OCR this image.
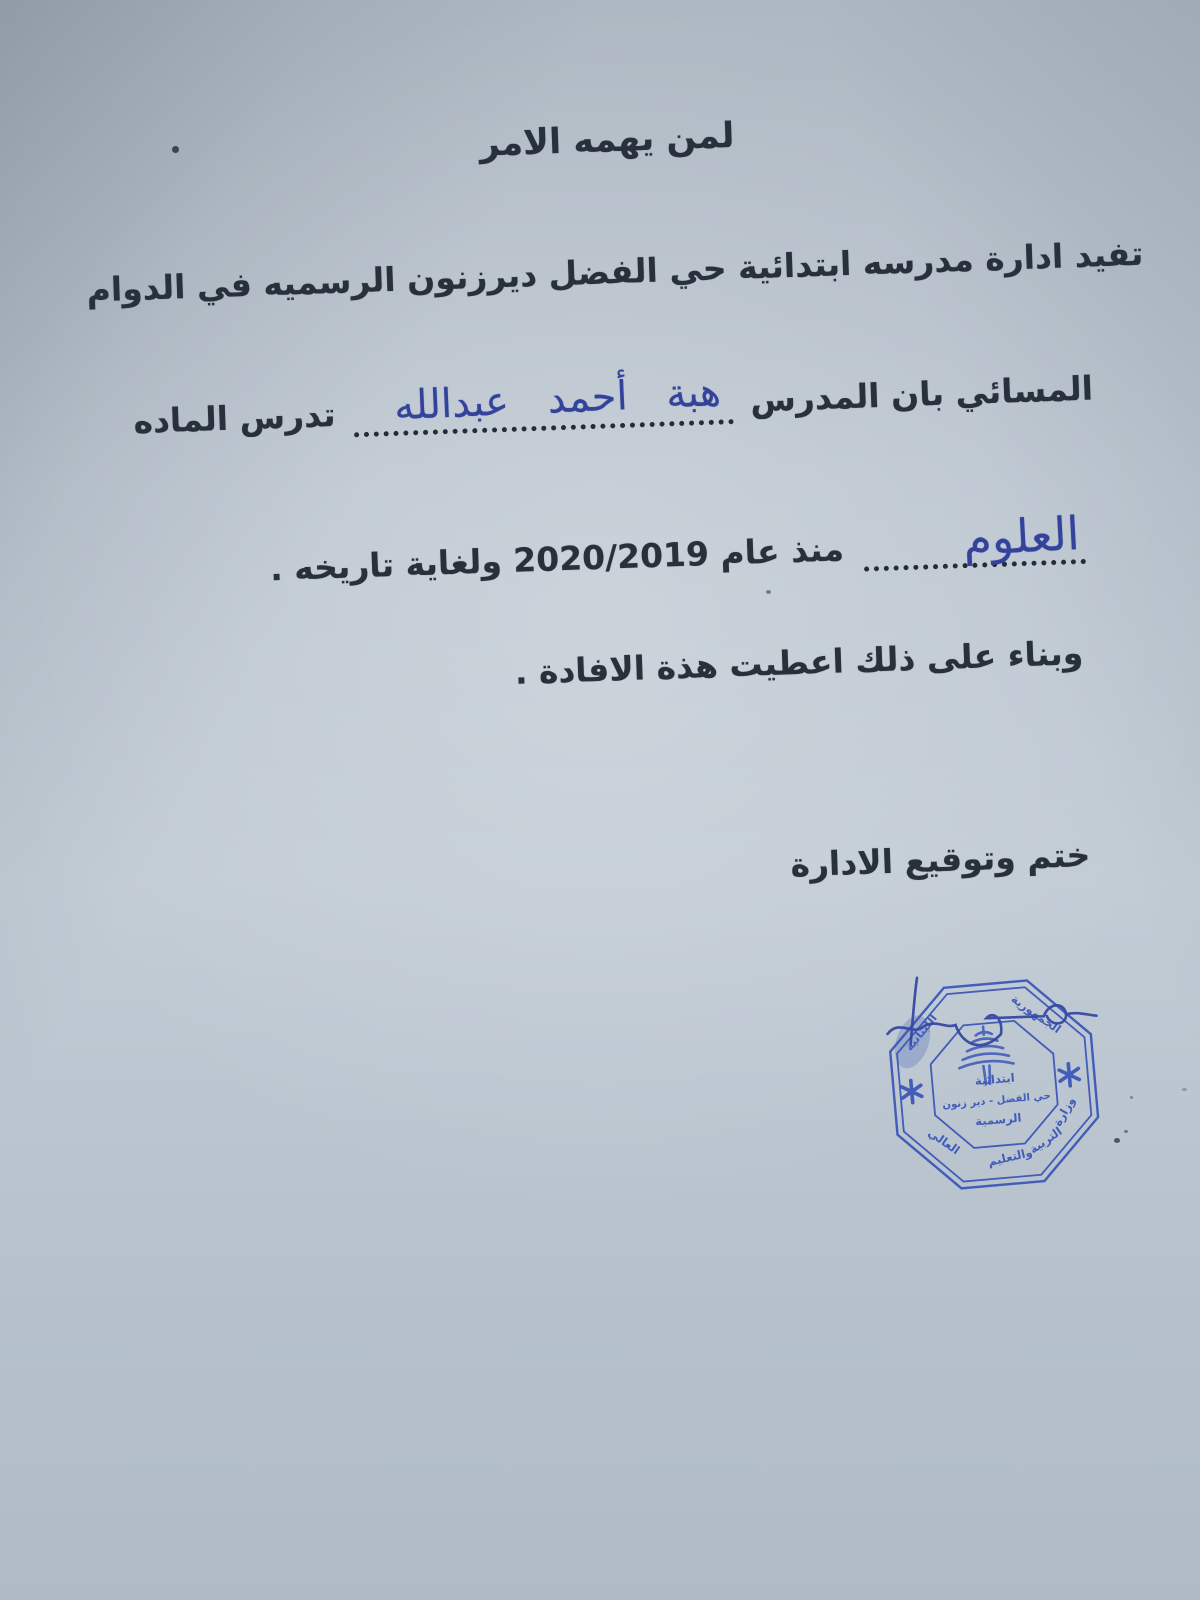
لمن يهمه الامر
تفيد ادارة مدرسه ابتدائية حي الفضل ديرزنون الرسميه في الدوام
المسائي بان المدرس هبة أحمد عبدالله تدرس الماده
العلوم منذ عام 2020/2019 ولغاية تاريخه .
وبناء على ذلك اعطيت هذة الافادة .
ختم وتوقيع الادارة
الجمهورية
اللبنانية
وزارة
التربية
والتعليم
العالي
ابتدائية
حي الفضل - دير زنون
الرسمية
